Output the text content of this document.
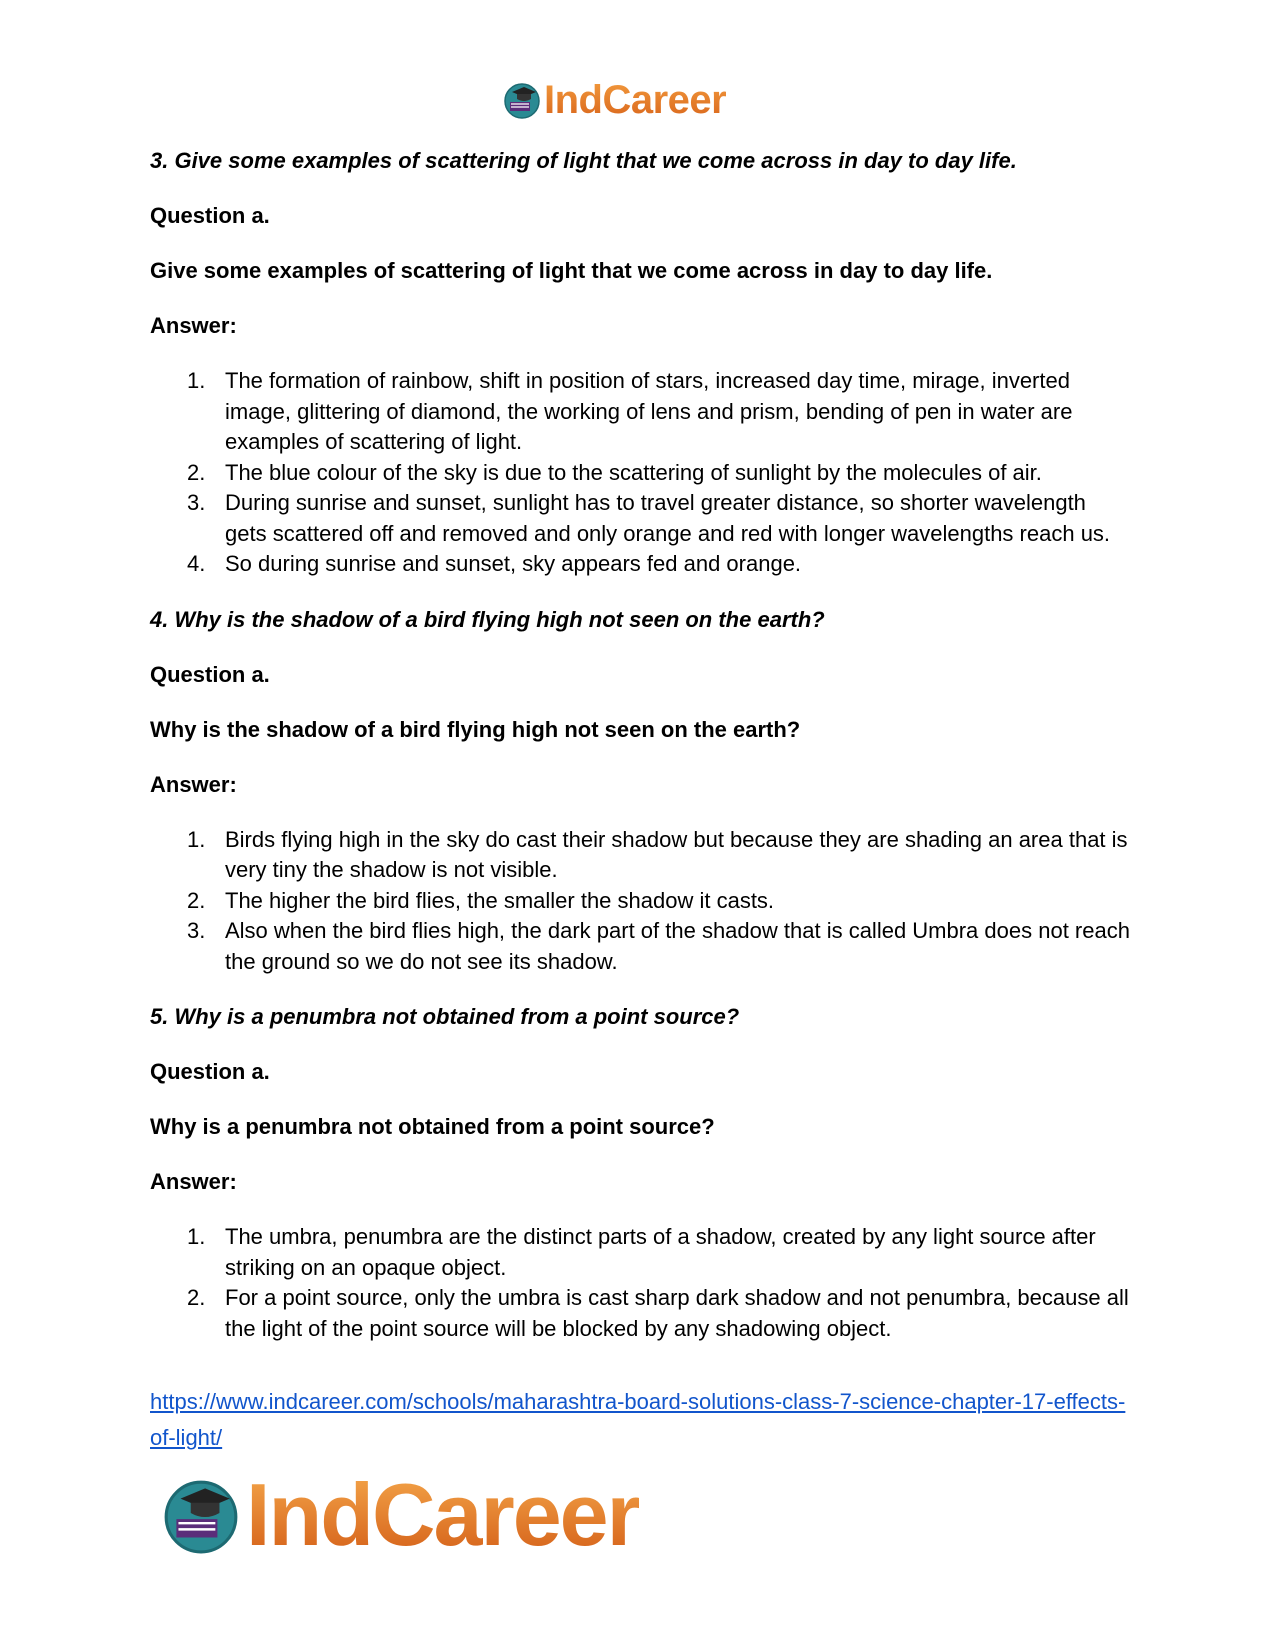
IndCareer

3. Give some examples of scattering of light that we come across in day to day life.

Question a.

Give some examples of scattering of light that we come across in day to day life.

Answer:

1. The formation of rainbow, shift in position of stars, increased day time, mirage, inverted image, glittering of diamond, the working of lens and prism, bending of pen in water are examples of scattering of light.
2. The blue colour of the sky is due to the scattering of sunlight by the molecules of air.
3. During sunrise and sunset, sunlight has to travel greater distance, so shorter wavelength gets scattered off and removed and only orange and red with longer wavelengths reach us.
4. So during sunrise and sunset, sky appears fed and orange.

4. Why is the shadow of a bird flying high not seen on the earth?

Question a.

Why is the shadow of a bird flying high not seen on the earth?

Answer:

1. Birds flying high in the sky do cast their shadow but because they are shading an area that is very tiny the shadow is not visible.
2. The higher the bird flies, the smaller the shadow it casts.
3. Also when the bird flies high, the dark part of the shadow that is called Umbra does not reach the ground so we do not see its shadow.

5. Why is a penumbra not obtained from a point source?

Question a.

Why is a penumbra not obtained from a point source?

Answer:

1. The umbra, penumbra are the distinct parts of a shadow, created by any light source after striking on an opaque object.
2. For a point source, only the umbra is cast sharp dark shadow and not penumbra, because all the light of the point source will be blocked by any shadowing object.
https://www.indcareer.com/schools/maharashtra-board-solutions-class-7-science-chapter-17-effects-of-light/
IndCareer
